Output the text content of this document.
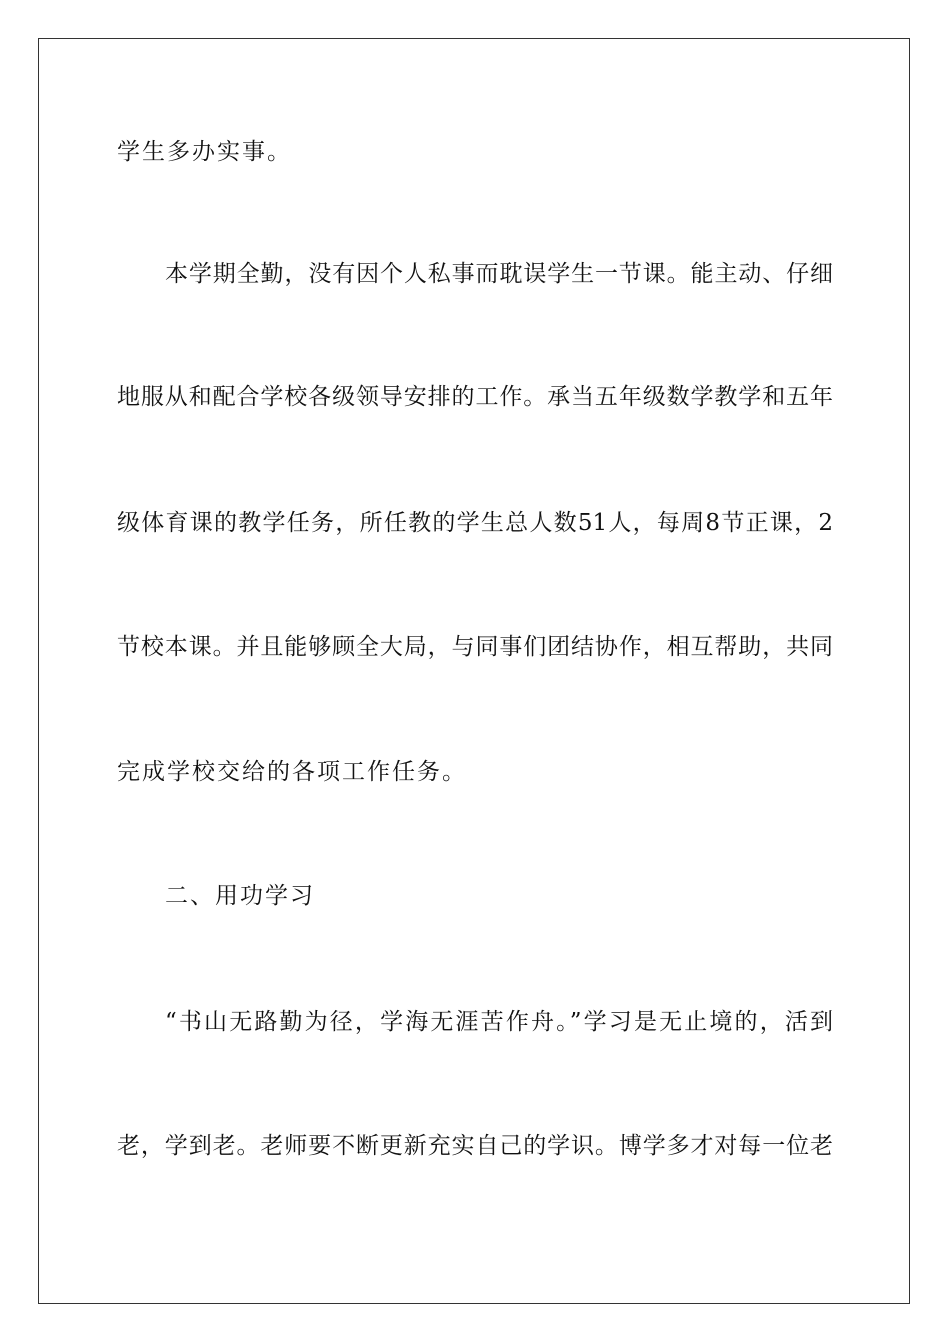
学生多办实事。
本学期全勤，没有因个人私事而耽误学生一节课。能主动、仔细
地服从和配合学校各级领导安排的工作。承当五年级数学教学和五年
级体育课的教学任务，所任教的学生总人数51人，每周8节正课，2
节校本课。并且能够顾全大局，与同事们团结协作，相互帮助，共同
完成学校交给的各项工作任务。
二、用功学习
“书山无路勤为径，学海无涯苦作舟。”学习是无止境的，活到
老，学到老。老师要不断更新充实自己的学识。博学多才对每一位老
